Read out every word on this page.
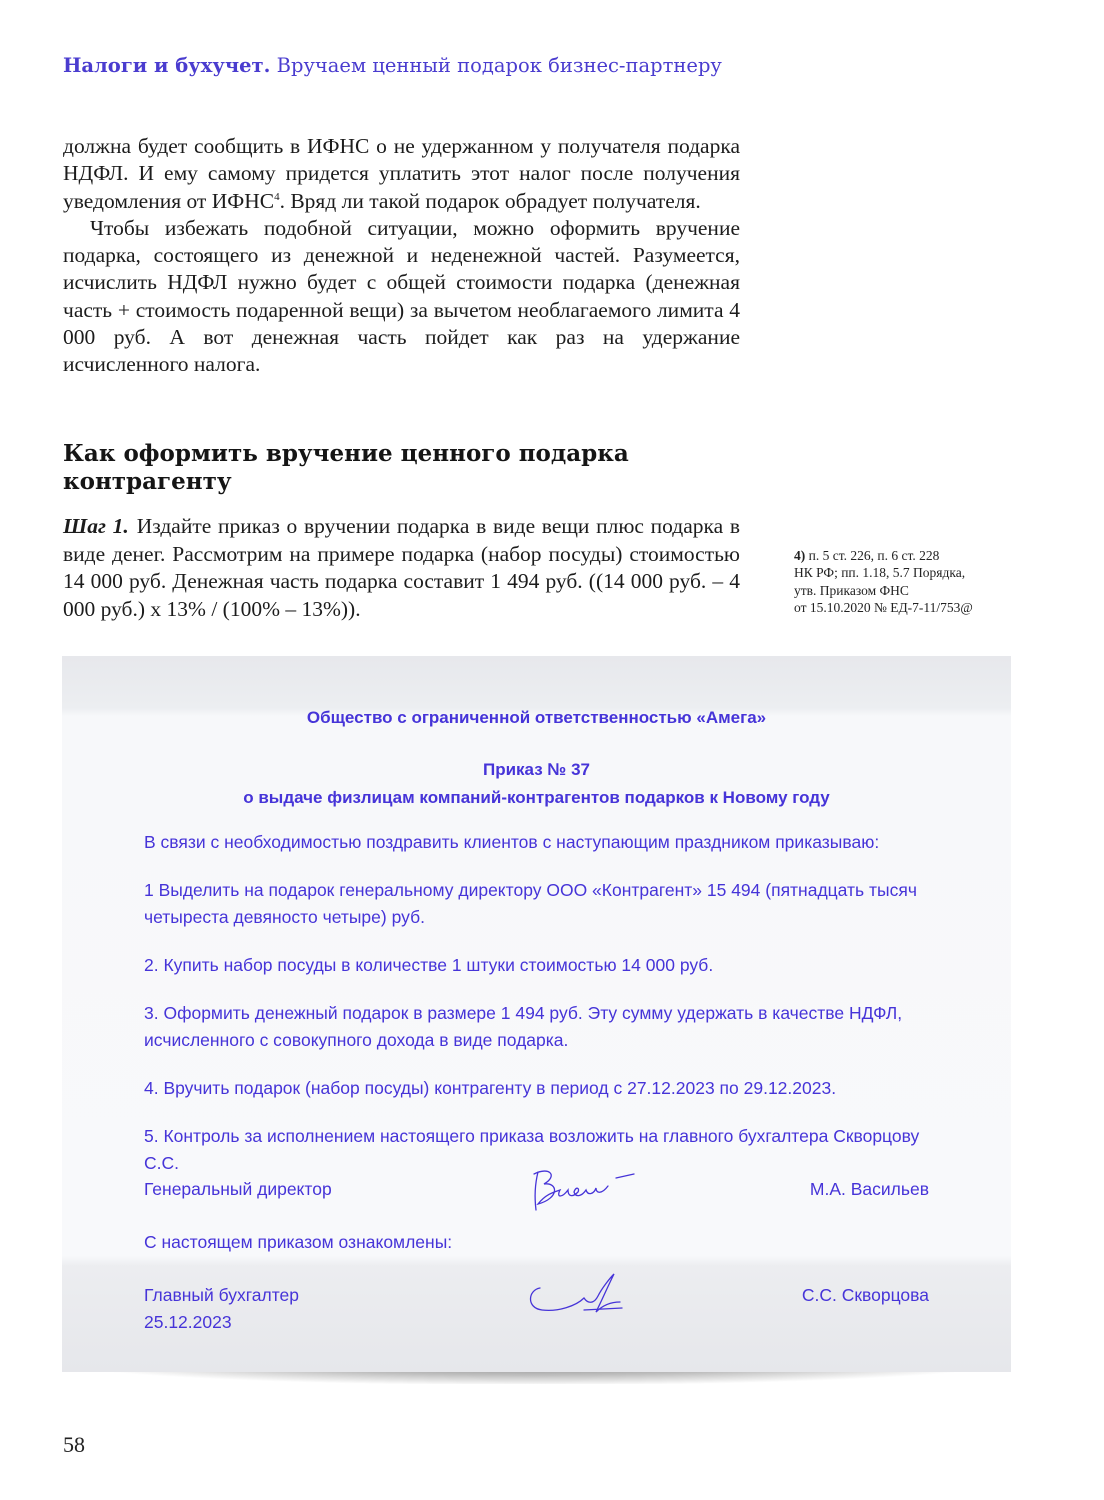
Налоги и бухучет. Вручаем ценный подарок бизнес-партнеру

должна будет сообщить в ИФНС о не удержанном у получателя подарка НДФЛ. И ему самому придется уплатить этот налог после получения уведомления от ИФНС$^4$. Вряд ли такой подарок обрадует получателя.

Чтобы избежать подобной ситуации, можно оформить вручение подарка, состоящего из денежной и неденежной частей. Разумеется, исчислить НДФЛ нужно будет с общей стоимости подарка (денежная часть + стоимость подаренной вещи) за вычетом необлагаемого лимита 4 000 руб. А вот денежная часть пойдет как раз на удержание исчисленного налога.

Как оформить вручение ценного подарка контрагенту

Шаг 1. Издайте приказ о вручении подарка в виде вещи плюс подарка в виде денег. Рассмотрим на примере подарка (набор посуды) стоимостью 14 000 руб. Денежная часть подарка составит 1 494 руб. ((14 000 руб. – 4 000 руб.) x 13% / (100% – 13%)).

4) п. 5 ст. 226, п. 6 ст. 228
НК РФ; пп. 1.18, 5.7 Порядка,
утв. Приказом ФНС
от 15.10.2020 № ЕД-7-11/753@
Общество с ограниченной ответственностью «Амега»
Приказ № 37
о выдаче физлицам компаний-контрагентов подарков к Новому году

В связи с необходимостью поздравить клиентов с наступающим праздником приказываю:

1 Выделить на подарок генеральному директору ООО «Контрагент» 15 494 (пятнадцать тысяч четыреста девяносто четыре) руб.

2. Купить набор посуды в количестве 1 штуки стоимостью 14 000 руб.

3. Оформить денежный подарок в размере 1 494 руб. Эту сумму удержать в качестве НДФЛ, исчисленного с совокупного дохода в виде подарка.

4. Вручить подарок (набор посуды) контрагенту в период с 27.12.2023 по 29.12.2023.

5. Контроль за исполнением настоящего приказа возложить на главного бухгалтера Скворцову С.С.

Генеральный директор	М.А. Васильев
С настоящем приказом ознакомлены:
Главный бухгалтер
25.12.2023
С.С. Скворцова
58
